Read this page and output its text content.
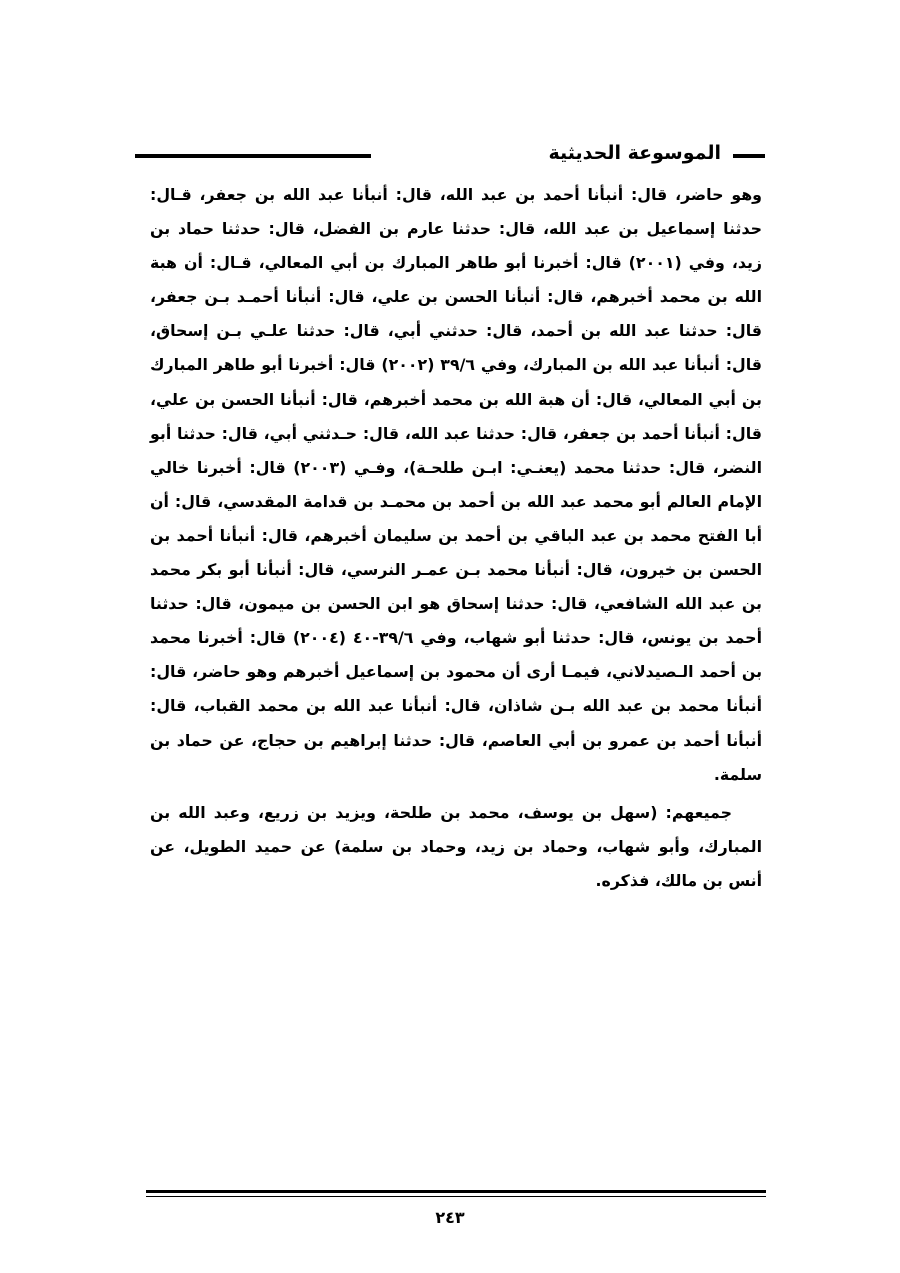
الموسوعة الحديثية

وهو حاضر، قال: أنبأنا أحمد بن عبد الله، قال: أنبأنا عبد الله بن جعفر، قـال: حدثنا إسماعيل بن عبد الله، قال: حدثنا عارم بن الفضل، قال: حدثنا حماد بن زيد، وفي (٢٠٠١) قال: أخبرنا أبو طاهر المبارك بن أبي المعالي، قـال: أن هبة الله بن محمد أخبرهم، قال: أنبأنا الحسن بن علي، قال: أنبأنا أحمـد بـن جعفر، قال: حدثنا عبد الله بن أحمد، قال: حدثني أبي، قال: حدثنا علـي بـن إسحاق، قال: أنبأنا عبد الله بن المبارك، وفي ٣٩/٦ (٢٠٠٢) قال: أخبرنا أبو طاهر المبارك بن أبي المعالي، قال: أن هبة الله بن محمد أخبرهم، قال: أنبأنا الحسن بن علي، قال: أنبأنا أحمد بن جعفر، قال: حدثنا عبد الله، قال: حـدثني أبي، قال: حدثنا أبو النضر، قال: حدثنا محمد (يعنـي: ابـن طلحـة)، وفـي (٢٠٠٣) قال: أخبرنا خالي الإمام العالم أبو محمد عبد الله بن أحمد بن محمـد بن قدامة المقدسي، قال: أن أبا الفتح محمد بن عبد الباقي بن أحمد بن سليمان أخبرهم، قال: أنبأنا أحمد بن الحسن بن خيرون، قال: أنبأنا محمد بـن عمـر النرسي، قال: أنبأنا أبو بكر محمد بن عبد الله الشافعي، قال: حدثنا إسحاق هو ابن الحسن بن ميمون، قال: حدثنا أحمد بن يونس، قال: حدثنا أبو شهاب، وفي ٣٩/٦-٤٠ (٢٠٠٤) قال: أخبرنا محمد بن أحمد الـصيدلاني، فيمـا أرى أن محمود بن إسماعيل أخبرهم وهو حاضر، قال: أنبأنا محمد بن عبد الله بـن شاذان، قال: أنبأنا عبد الله بن محمد القباب، قال: أنبأنا أحمد بن عمرو بن أبي العاصم، قال: حدثنا إبراهيم بن حجاج، عن حماد بن سلمة.

جميعهم: (سهل بن يوسف، محمد بن طلحة، ويزيد بن زريع، وعبد الله بن المبارك، وأبو شهاب، وحماد بن زيد، وحماد بن سلمة) عن حميد الطويل، عن أنس بن مالك، فذكره.

٢٤٣
